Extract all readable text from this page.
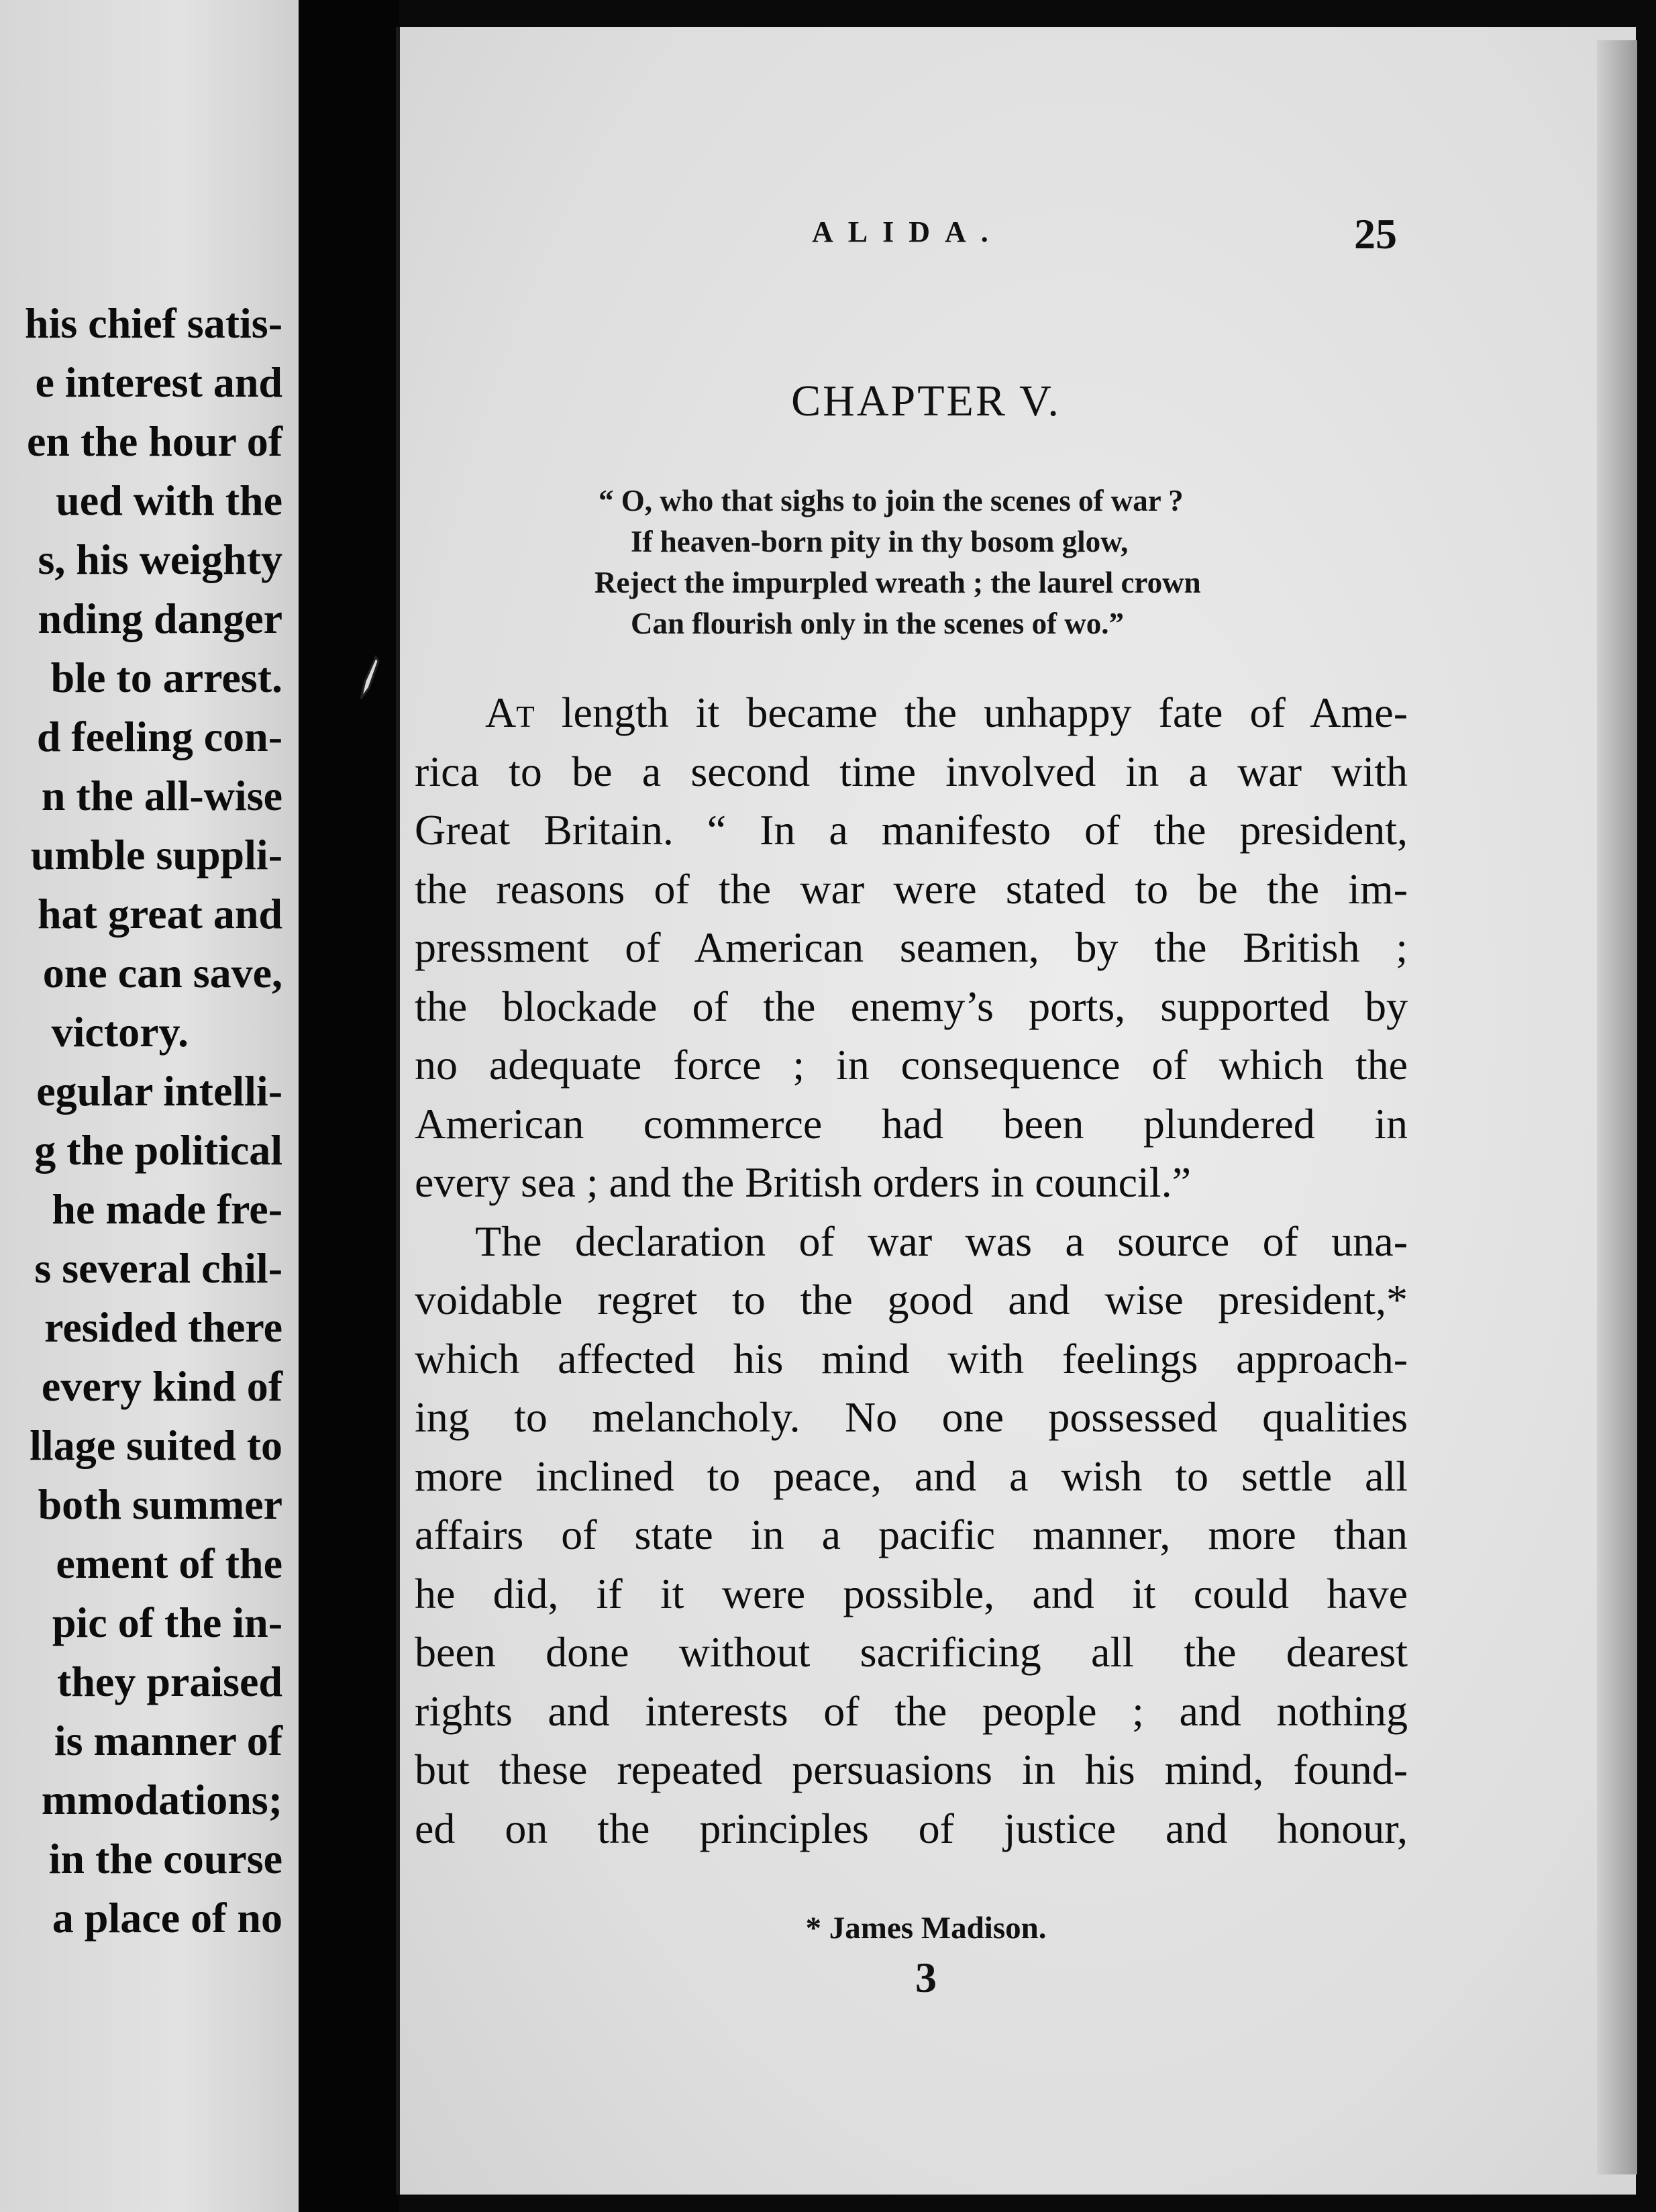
his chief satis-
e interest and
en the hour of
ued with the
s, his weighty
nding danger
ble to arrest.
d feeling con-
n the all-wise
umble suppli-
hat great and
one can save,
victory.
egular intelli-
g the political
he made fre-
s several chil-
resided there
every kind of
llage suited to
both summer
ement of the
pic of the in-
they praised
is manner of
mmodations;
in the course
a place of no
ALIDA.	25
CHAPTER V.
“ O, who that sighs to join the scenes of war ?
If heaven-born pity in thy bosom glow,
Reject the impurpled wreath ; the laurel crown
Can flourish only in the scenes of wo.”
At length it became the unhappy fate of Ame-
rica to be a second time involved in a war with
Great Britain. “ In a manifesto of the president,
the reasons of the war were stated to be the im-
pressment of American seamen, by the British ;
the blockade of the enemy’s ports, supported by
no adequate force ; in consequence of which the
American commerce had been plundered in
every sea ; and the British orders in council.”
The declaration of war was a source of una-
voidable regret to the good and wise president,*
which affected his mind with feelings approach-
ing to melancholy. No one possessed qualities
more inclined to peace, and a wish to settle all
affairs of state in a pacific manner, more than
he did, if it were possible, and it could have
been done without sacrificing all the dearest
rights and interests of the people ; and nothing
but these repeated persuasions in his mind, found-
ed on the principles of justice and honour,
* James Madison.
3
